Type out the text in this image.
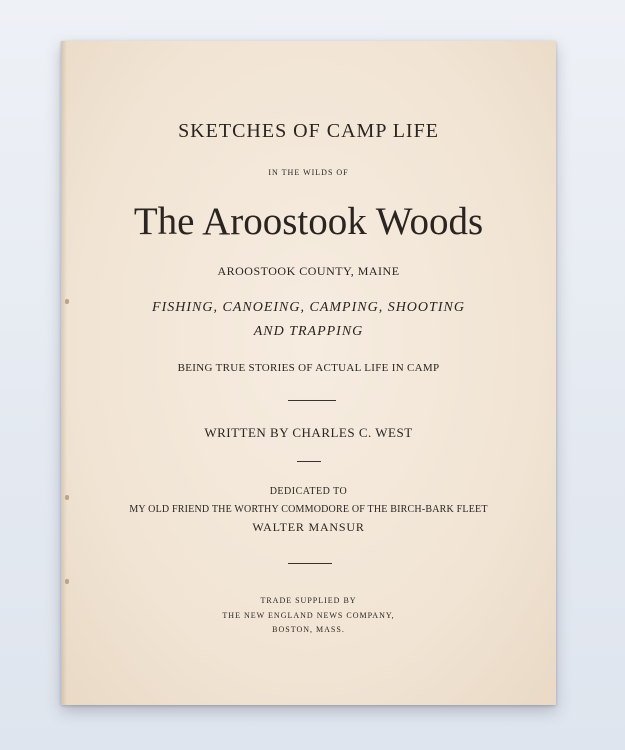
SKETCHES OF CAMP LIFE
IN THE WILDS OF
The Aroostook Woods
AROOSTOOK COUNTY, MAINE
FISHING, CANOEING, CAMPING, SHOOTING
AND TRAPPING
BEING TRUE STORIES OF ACTUAL LIFE IN CAMP
WRITTEN BY CHARLES C. WEST
DEDICATED TO
MY OLD FRIEND THE WORTHY COMMODORE OF THE BIRCH-BARK FLEET
WALTER MANSUR
TRADE SUPPLIED BY
THE NEW ENGLAND NEWS COMPANY,
BOSTON, MASS.
